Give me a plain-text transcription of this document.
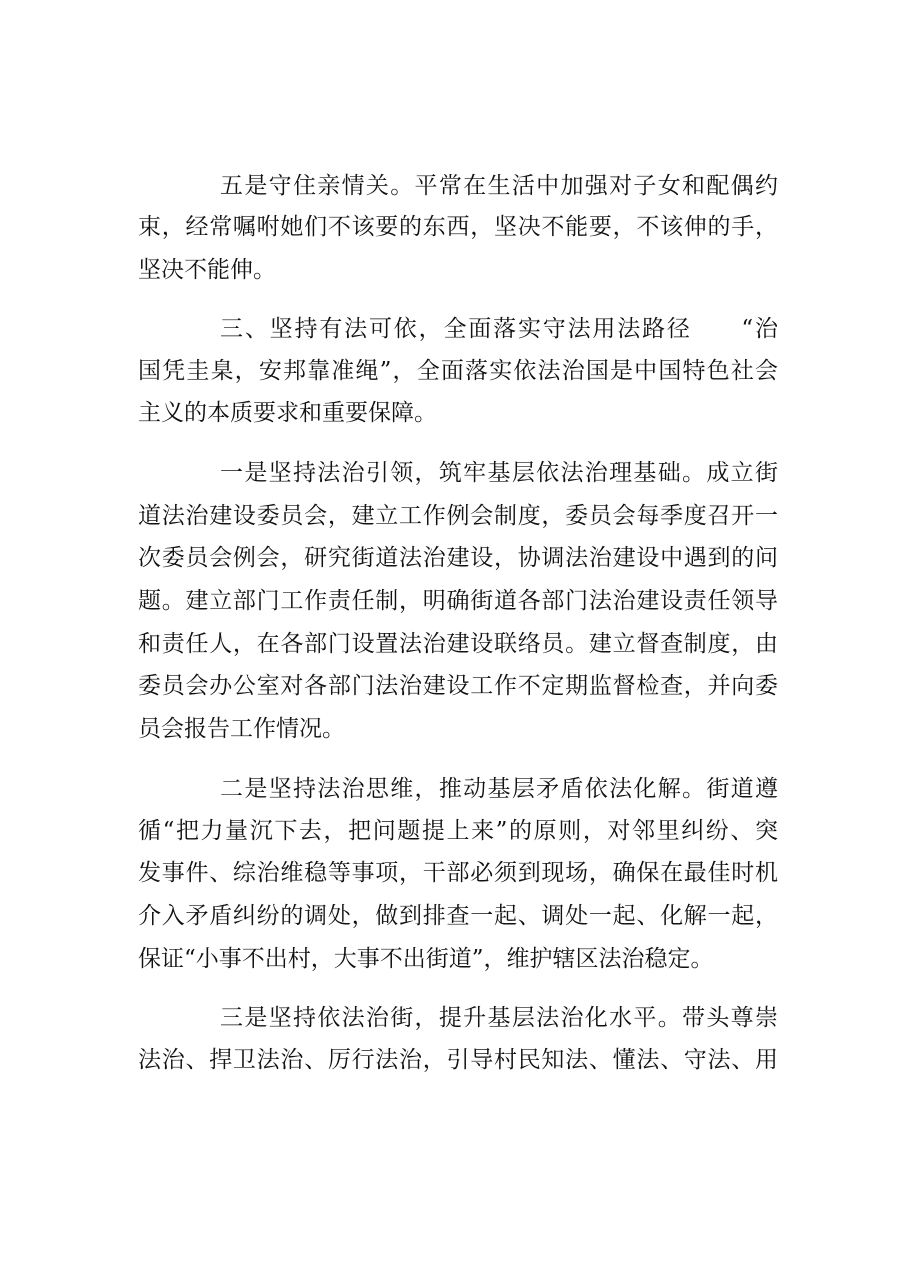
五是守住亲情关。平常在生活中加强对子女和配偶约
束，经常嘱咐她们不该要的东西，坚决不能要，不该伸的手，
坚决不能伸。
三、坚持有法可依，全面落实守法用法路径　　“治
国凭圭臬，安邦靠准绳”，全面落实依法治国是中国特色社会
主义的本质要求和重要保障。
一是坚持法治引领，筑牢基层依法治理基础。成立街
道法治建设委员会，建立工作例会制度，委员会每季度召开一
次委员会例会，研究街道法治建设，协调法治建设中遇到的问
题。建立部门工作责任制，明确街道各部门法治建设责任领导
和责任人，在各部门设置法治建设联络员。建立督查制度，由
委员会办公室对各部门法治建设工作不定期监督检查，并向委
员会报告工作情况。
二是坚持法治思维，推动基层矛盾依法化解。街道遵
循“把力量沉下去，把问题提上来”的原则，对邻里纠纷、突
发事件、综治维稳等事项，干部必须到现场，确保在最佳时机
介入矛盾纠纷的调处，做到排查一起、调处一起、化解一起，
保证“小事不出村，大事不出街道”，维护辖区法治稳定。
三是坚持依法治街，提升基层法治化水平。带头尊崇
法治、捍卫法治、厉行法治，引导村民知法、懂法、守法、用
